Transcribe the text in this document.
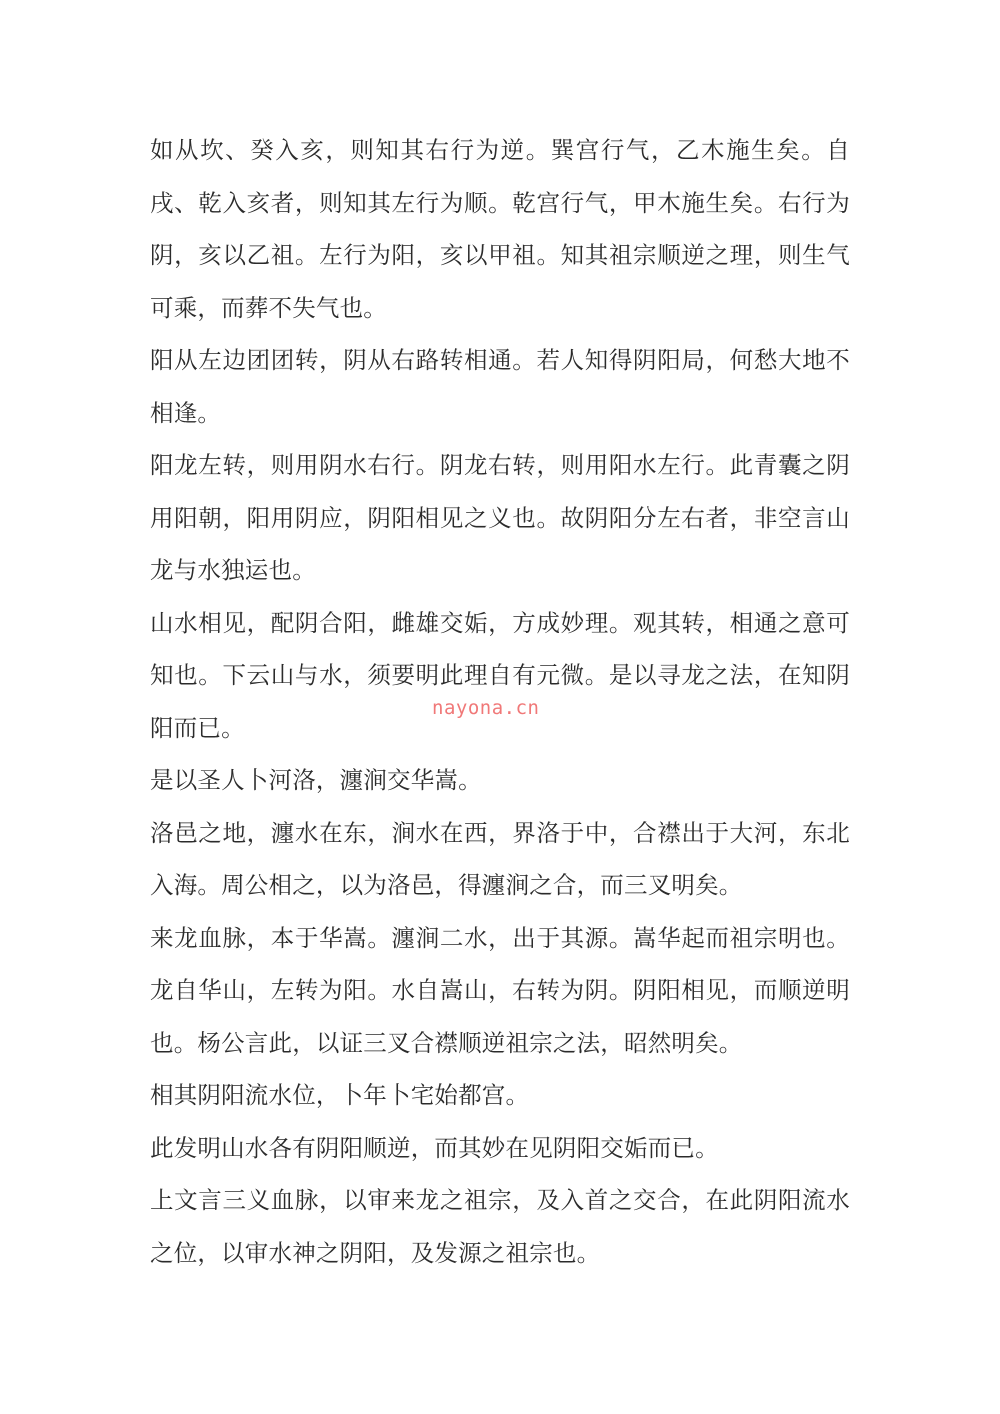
如从坎、癸入亥，则知其右行为逆。巽宫行气，乙木施生矣。自戌、乾入亥者，则知其左行为顺。乾宫行气，甲木施生矣。右行为阴，亥以乙祖。左行为阳，亥以甲祖。知其祖宗顺逆之理，则生气可乘，而葬不失气也。

阳从左边团团转，阴从右路转相通。若人知得阴阳局，何愁大地不相逢。

阳龙左转，则用阴水右行。阴龙右转，则用阳水左行。此青囊之阴用阳朝，阳用阴应，阴阳相见之义也。故阴阳分左右者，非空言山龙与水独运也。

山水相见，配阴合阳，雌雄交姤，方成妙理。观其转，相通之意可知也。下云山与水，须要明此理自有元微。是以寻龙之法，在知阴阳而已。

是以圣人卜河洛，瀍涧交华嵩。

洛邑之地，瀍水在东，涧水在西，界洛于中，合襟出于大河，东北入海。周公相之，以为洛邑，得瀍涧之合，而三叉明矣。

来龙血脉，本于华嵩。瀍涧二水，出于其源。嵩华起而祖宗明也。龙自华山，左转为阳。水自嵩山，右转为阴。阴阳相见，而顺逆明也。杨公言此，以证三叉合襟顺逆祖宗之法，昭然明矣。

相其阴阳流水位，卜年卜宅始都宫。

此发明山水各有阴阳顺逆，而其妙在见阴阳交姤而已。

上文言三义血脉，以审来龙之祖宗，及入首之交合，在此阴阳流水之位，以审水神之阴阳，及发源之祖宗也。

nayona.cn
